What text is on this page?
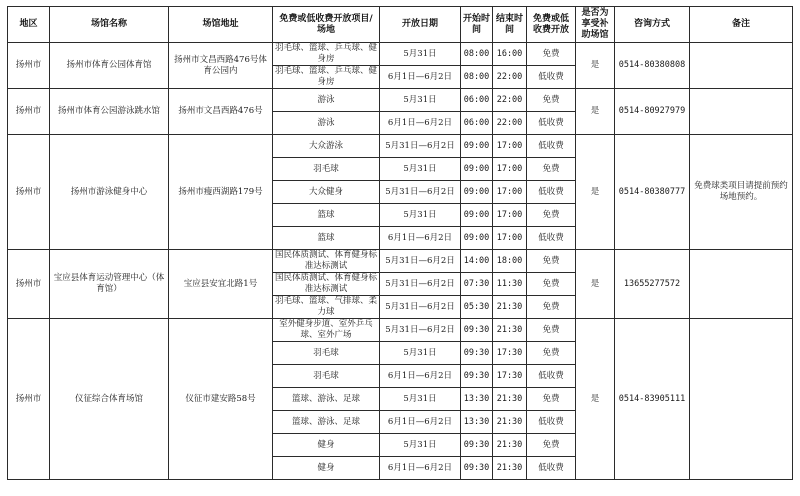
地区	场馆名称	场馆地址	免费或低收费开放项目/场地	开放日期	开始时间	结束时间	免费或低收费开放	是否为享受补助场馆	咨询方式	备注
扬州市	扬州市体育公园体育馆	扬州市文昌西路476号体育公园内	羽毛球、篮球、乒乓球、健身房	5月31日	08:00	16:00	免费	是	0514-80380808	
			羽毛球、篮球、乒乓球、健身房	6月1日—6月2日	08:00	22:00	低收费			
扬州市	扬州市体育公园游泳跳水馆	扬州市文昌西路476号	游泳	5月31日	06:00	22:00	免费	是	0514-80927979	
			游泳	6月1日—6月2日	06:00	22:00	低收费			
扬州市	扬州市游泳健身中心	扬州市瘦西湖路179号	大众游泳	5月31日—6月2日	09:00	17:00	低收费	是	0514-80380777	免费球类项目请提前预约场地预约。
			羽毛球	5月31日	09:00	17:00	免费			
			大众健身	5月31日—6月2日	09:00	17:00	低收费			
			篮球	5月31日	09:00	17:00	免费			
			篮球	6月1日—6月2日	09:00	17:00	低收费			
扬州市	宝应县体育运动管理中心（体育馆）	宝应县安宜北路1号	国民体质测试、体育健身标准达标测试	5月31日—6月2日	14:00	18:00	免费	是	13655277572	
			国民体质测试、体育健身标准达标测试	5月31日—6月2日	07:30	11:30	免费			
			羽毛球、篮球、气排球、柔力球	5月31日—6月2日	05:30	21:30	免费			
扬州市	仪征综合体育场馆	仪征市建安路58号	室外健身步道、室外乒乓球、室外广场	5月31日—6月2日	09:30	21:30	免费	是	0514-83905111	
			羽毛球	5月31日	09:30	17:30	免费			
			羽毛球	6月1日—6月2日	09:30	17:30	低收费			
			篮球、游泳、足球	5月31日	13:30	21:30	免费			
			篮球、游泳、足球	6月1日—6月2日	13:30	21:30	低收费			
			健身	5月31日	09:30	21:30	免费			
			健身	6月1日—6月2日	09:30	21:30	低收费			
